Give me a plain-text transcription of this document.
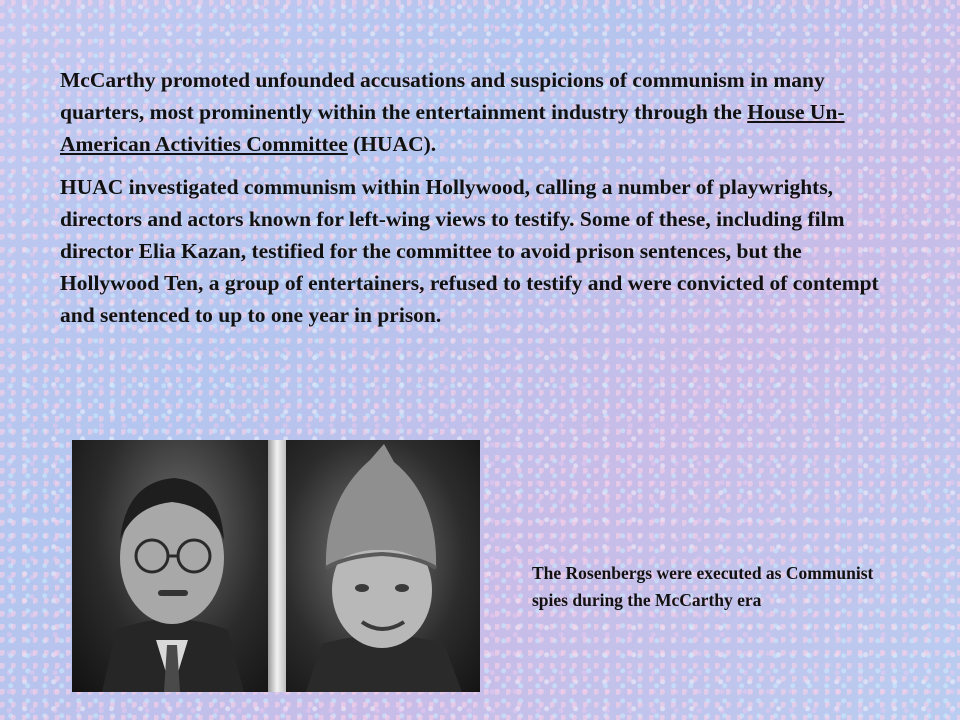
McCarthy promoted unfounded accusations and suspicions of communism in many quarters, most prominently within the entertainment industry through the House Un-American Activities Committee (HUAC).

HUAC investigated communism within Hollywood, calling a number of playwrights, directors and actors known for left-wing views to testify. Some of these, including film director Elia Kazan, testified for the committee to avoid prison sentences, but the Hollywood Ten, a group of entertainers, refused to testify and were convicted of contempt and sentenced to up to one year in prison.

The Rosenbergs were executed as Communist spies during the McCarthy era
